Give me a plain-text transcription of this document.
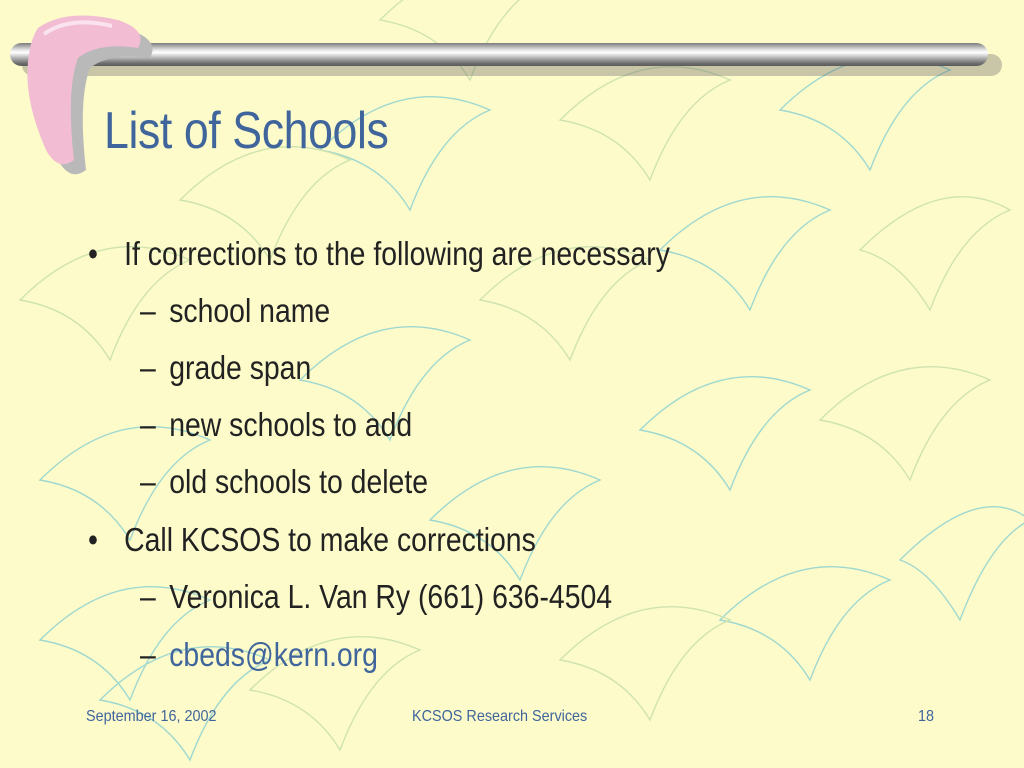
List of Schools
• If corrections to the following are necessary
– school name
– grade span
– new schools to add
– old schools to delete
• Call KCSOS to make corrections
– Veronica L. Van Ry (661) 636-4504
– cbeds@kern.org
September 16, 2002	KCSOS Research Services	18
